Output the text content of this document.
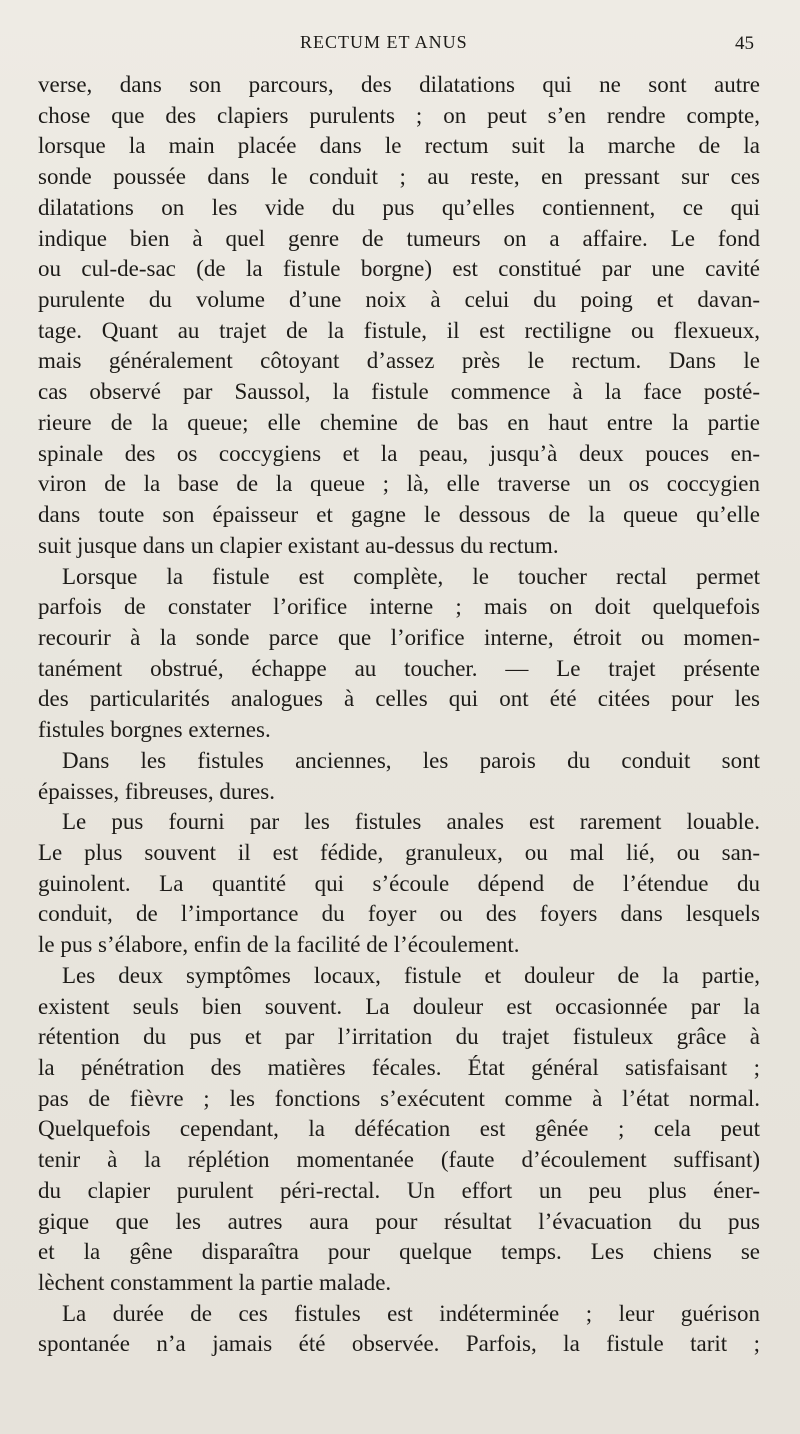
RECTUM ET ANUS	45
verse, dans son parcours, des dilatations qui ne sont autre
chose que des clapiers purulents ; on peut s’en rendre compte,
lorsque la main placée dans le rectum suit la marche de la
sonde poussée dans le conduit ; au reste, en pressant sur ces
dilatations on les vide du pus qu’elles contiennent, ce qui
indique bien à quel genre de tumeurs on a affaire. Le fond
ou cul-de-sac (de la fistule borgne) est constitué par une cavité
purulente du volume d’une noix à celui du poing et davan-
tage. Quant au trajet de la fistule, il est rectiligne ou flexueux,
mais généralement côtoyant d’assez près le rectum. Dans le
cas observé par Saussol, la fistule commence à la face posté-
rieure de la queue; elle chemine de bas en haut entre la partie
spinale des os coccygiens et la peau, jusqu’à deux pouces en-
viron de la base de la queue ; là, elle traverse un os coccygien
dans toute son épaisseur et gagne le dessous de la queue qu’elle
suit jusque dans un clapier existant au-dessus du rectum.
Lorsque la fistule est complète, le toucher rectal permet
parfois de constater l’orifice interne ; mais on doit quelquefois
recourir à la sonde parce que l’orifice interne, étroit ou momen-
tanément obstrué, échappe au toucher. — Le trajet présente
des particularités analogues à celles qui ont été citées pour les
fistules borgnes externes.
Dans les fistules anciennes, les parois du conduit sont
épaisses, fibreuses, dures.
Le pus fourni par les fistules anales est rarement louable.
Le plus souvent il est fédide, granuleux, ou mal lié, ou san-
guinolent. La quantité qui s’écoule dépend de l’étendue du
conduit, de l’importance du foyer ou des foyers dans lesquels
le pus s’élabore, enfin de la facilité de l’écoulement.
Les deux symptômes locaux, fistule et douleur de la partie,
existent seuls bien souvent. La douleur est occasionnée par la
rétention du pus et par l’irritation du trajet fistuleux grâce à
la pénétration des matières fécales. État général satisfaisant ;
pas de fièvre ; les fonctions s’exécutent comme à l’état normal.
Quelquefois cependant, la défécation est gênée ; cela peut
tenir à la réplétion momentanée (faute d’écoulement suffisant)
du clapier purulent péri-rectal. Un effort un peu plus éner-
gique que les autres aura pour résultat l’évacuation du pus
et la gêne disparaîtra pour quelque temps. Les chiens se
lèchent constamment la partie malade.
La durée de ces fistules est indéterminée ; leur guérison
spontanée n’a jamais été observée. Parfois, la fistule tarit ;
